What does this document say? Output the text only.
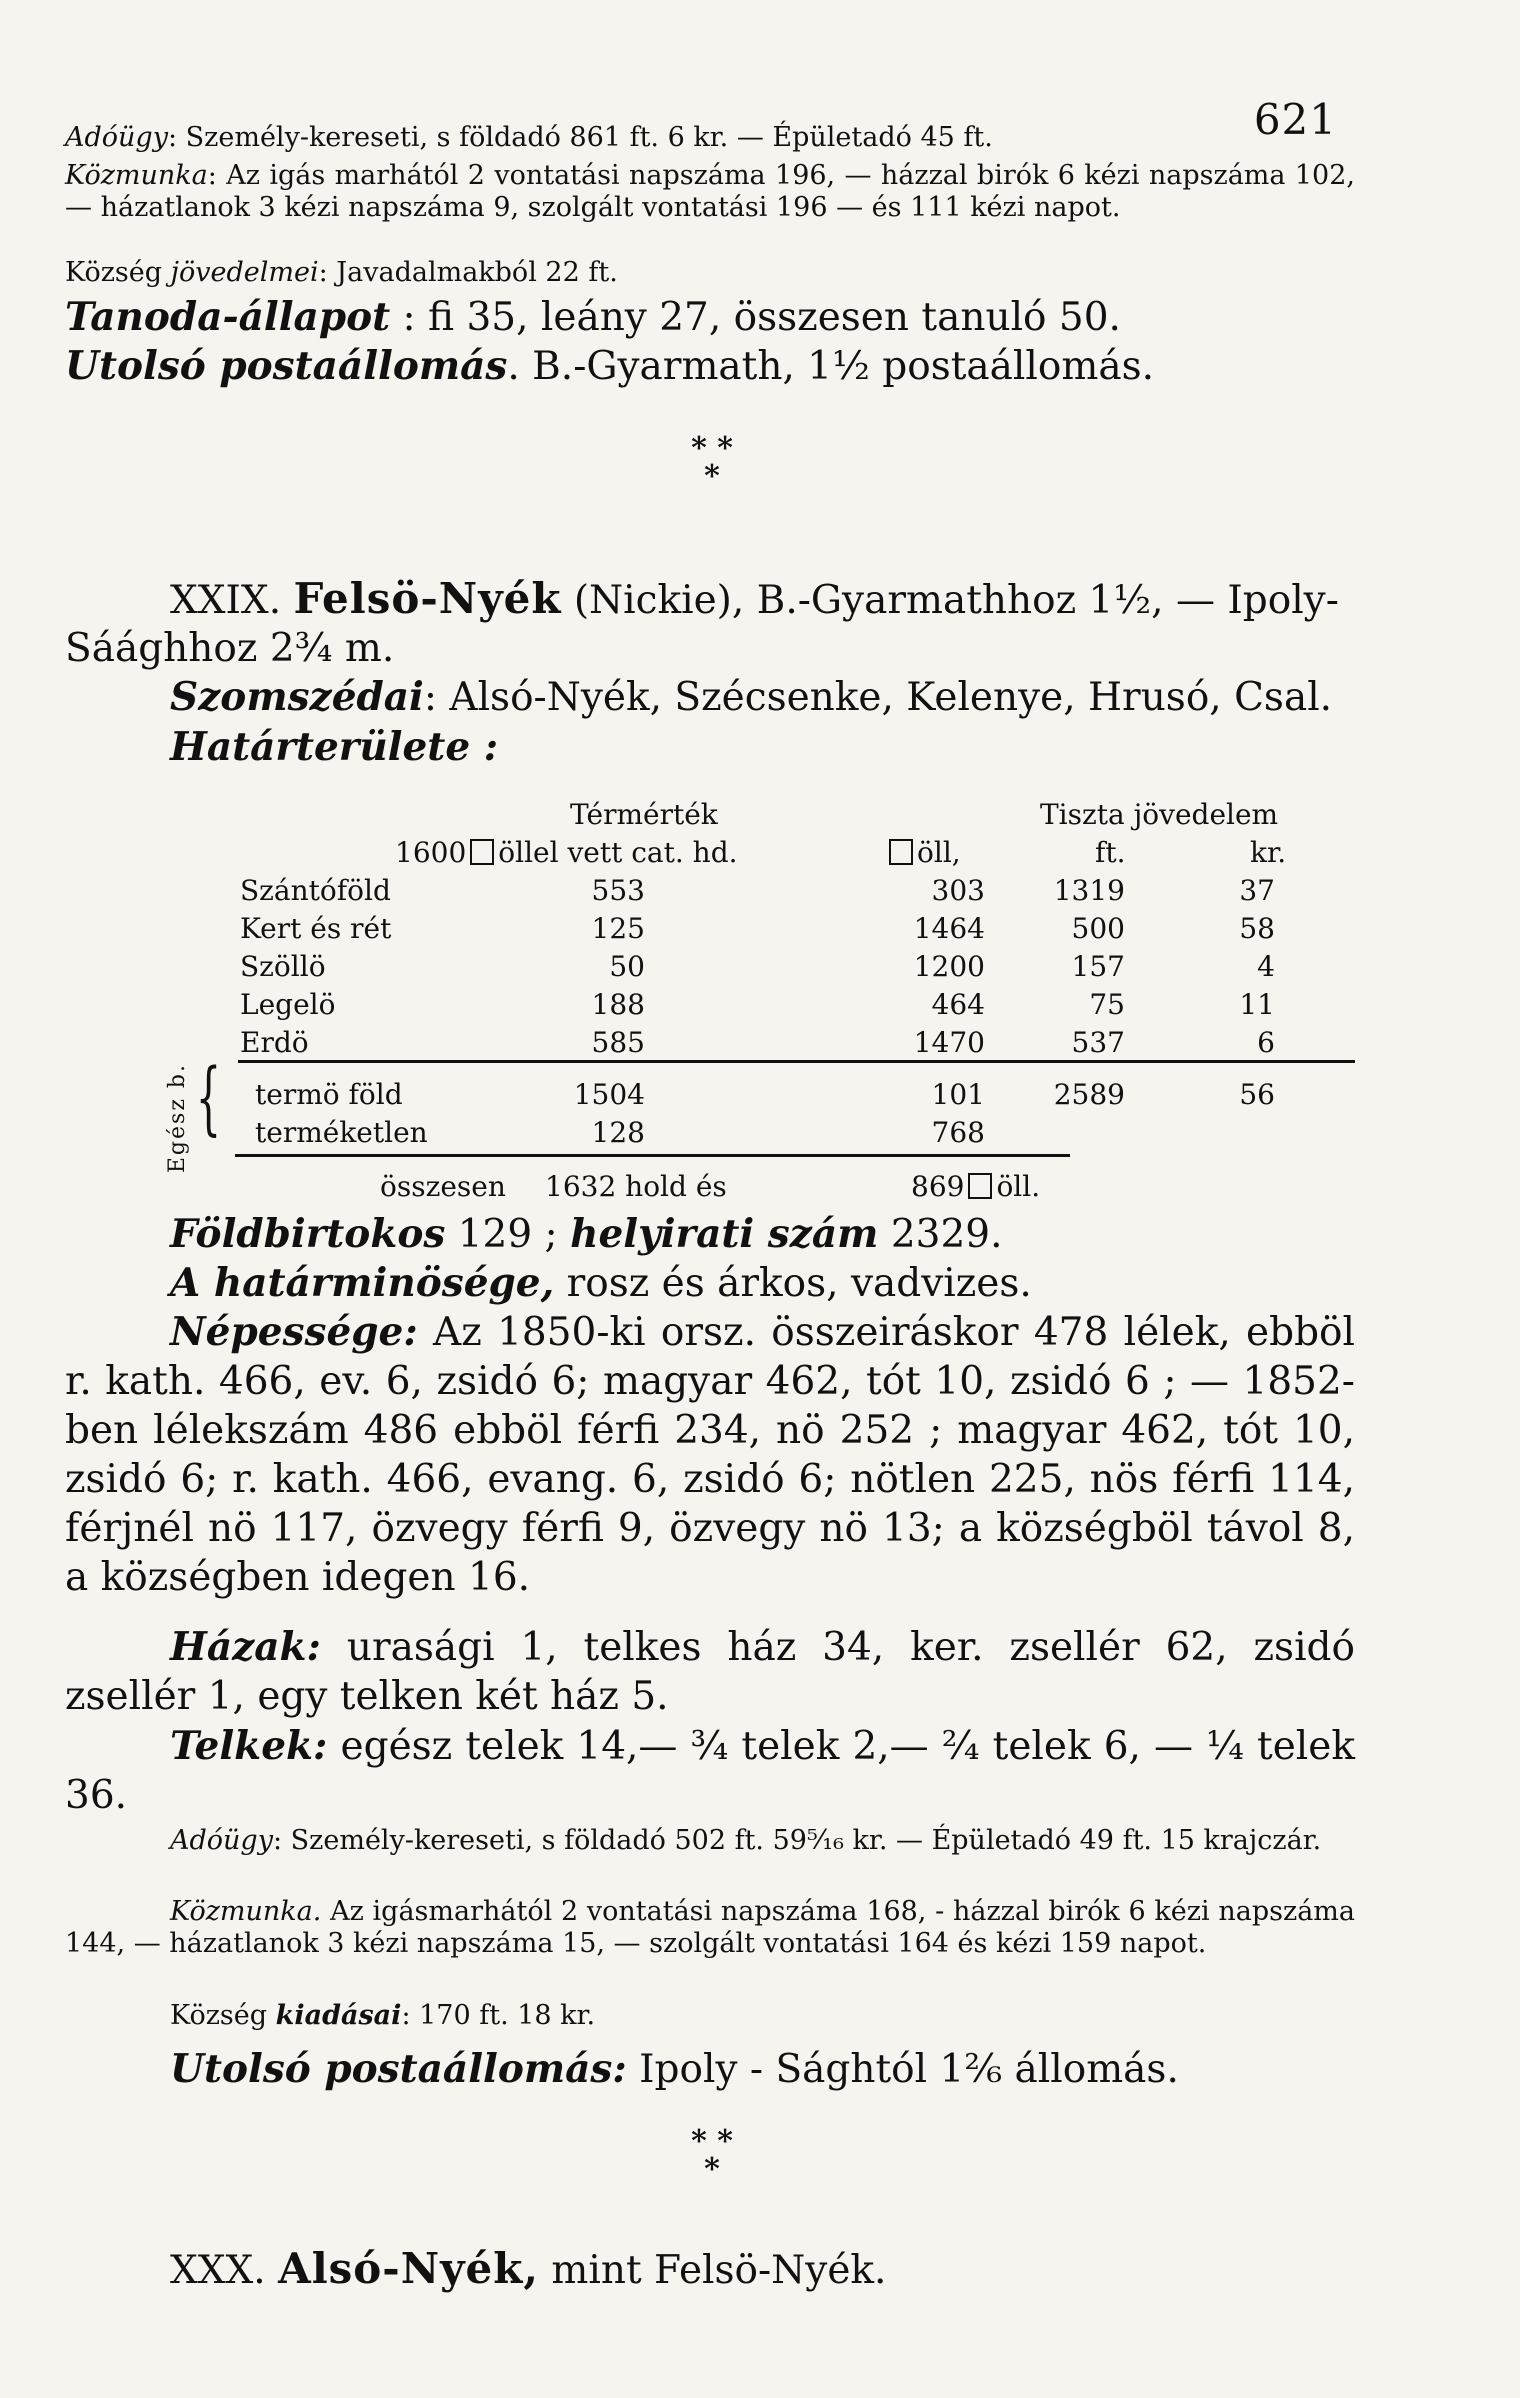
621
Adóügy: Személy-kereseti, s földadó 861 ft. 6 kr. — Épületadó 45 ft.
Közmunka: Az igás marhától 2 vontatási napszáma 196, — házzal birók 6 kézi napszáma 102, — házatlanok 3 kézi napszáma 9, szolgált vontatási 196 — és 111 kézi napot.
Község jövedelmei: Javadalmakból 22 ft.
Tanoda-állapot : fi 35, leány 27, összesen tanuló 50.
Utolsó postaállomás. B.-Gyarmath, 1½ postaállomás.
* *
*
XXIX. Felsö-Nyék (Nickie), B.-Gyarmathhoz 1½, — Ipoly-Sáághhoz 2¾ m.
Szomszédai: Alsó-Nyék, Szécsenke, Kelenye, Hrusó, Csal.
Határterülete :
Térmérték	Tiszta jövedelem
1600 öllel vett cat. hd.	öll,	ft.	kr.
Szántóföld	553	303	1319	37
Kert és rét	125	1464	500	58
Szöllö	50	1200	157	4
Legelö	188	464	75	11
Erdö	585	1470	537	6
termö föld	1504	101	2589	56
terméketlen	128	768
összesen 1632 hold és	869 öll.
Egész b. {
Földbirtokos 129 ; helyirati szám 2329.
A határminösége, rosz és árkos, vadvizes.
Népessége: Az 1850-ki orsz. összeiráskor 478 lélek, ebböl r. kath. 466, ev. 6, zsidó 6; magyar 462, tót 10, zsidó 6 ; — 1852-ben lélekszám 486 ebböl férfi 234, nö 252 ; magyar 462, tót 10, zsidó 6; r. kath. 466, evang. 6, zsidó 6; nötlen 225, nös férfi 114, férjnél nö 117, özvegy férfi 9, özvegy nö 13; a községböl távol 8, a községben idegen 16.
Házak: urasági 1, telkes ház 34, ker. zsellér 62, zsidó zsellér 1, egy telken két ház 5.
Telkek: egész telek 14,— ¾ telek 2,— ²⁄₄ telek 6, — ¼ telek 36.
Adóügy: Személy-kereseti, s földadó 502 ft. 59⁵⁄₁₆ kr. — Épületadó 49 ft. 15 krajczár.
Közmunka. Az igásmarhától 2 vontatási napszáma 168, - házzal birók 6 kézi napszáma 144, — házatlanok 3 kézi napszáma 15, — szolgált vontatási 164 és kézi 159 napot.
Község kiadásai: 170 ft. 18 kr.
Utolsó postaállomás: Ipoly - Sághtól 1²⁄₆ állomás.
* *
*
XXX. Alsó-Nyék, mint Felsö-Nyék.
